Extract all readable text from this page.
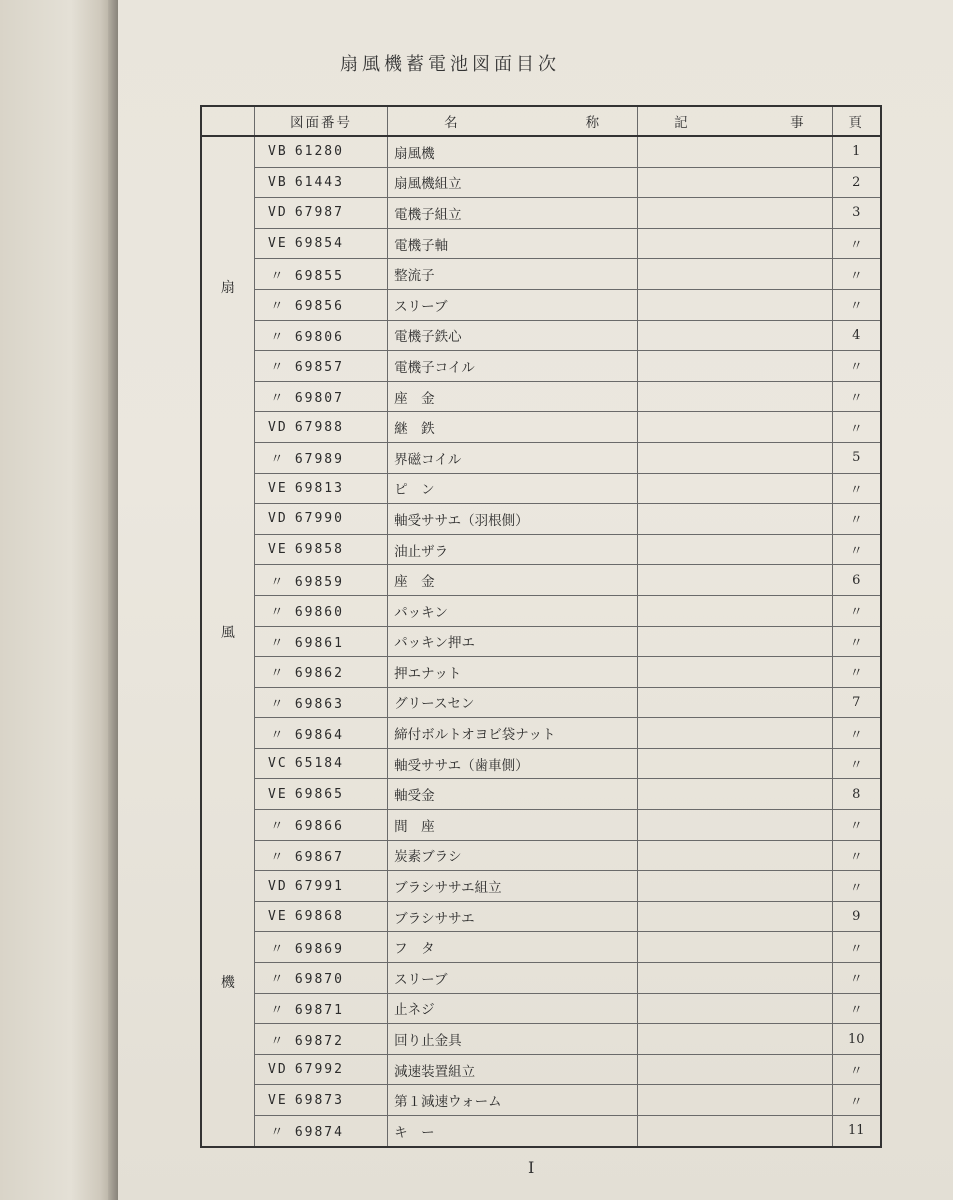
扇風機蓄電池図面目次
	図面番号	名 称	記 事	頁

扇
風
機	VB 61280	扇風機		1
	VB 61443	扇風機組立		2
	VD 67987	電機子組立		3
	VE 69854	電機子軸		〃
	〃 69855	整流子		〃
	〃 69856	スリーブ		〃
	〃 69806	電機子鉄心		4
	〃 69857	電機子コイル		〃
	〃 69807	座　金		〃
	VD 67988	継　鉄		〃
	〃 67989	界磁コイル		5
	VE 69813	ピ　ン		〃
	VD 67990	軸受ササエ（羽根側）		〃
	VE 69858	油止ザラ		〃
	〃 69859	座　金		6
	〃 69860	パッキン		〃
	〃 69861	パッキン押エ		〃
	〃 69862	押エナット		〃
	〃 69863	グリースセン		7
	〃 69864	締付ボルトオヨビ袋ナット		〃
	VC 65184	軸受ササエ（歯車側）		〃
	VE 69865	軸受金		8
	〃 69866	間　座		〃
	〃 69867	炭素ブラシ		〃
	VD 67991	ブラシササエ組立		〃
	VE 69868	ブラシササエ		9
	〃 69869	フ　タ		〃
	〃 69870	スリーブ		〃
	〃 69871	止ネジ		〃
	〃 69872	回り止金具		10
	VD 67992	減速装置組立		〃
	VE 69873	第１減速ウォーム		〃
	〃 69874	キ　ー		11
I
